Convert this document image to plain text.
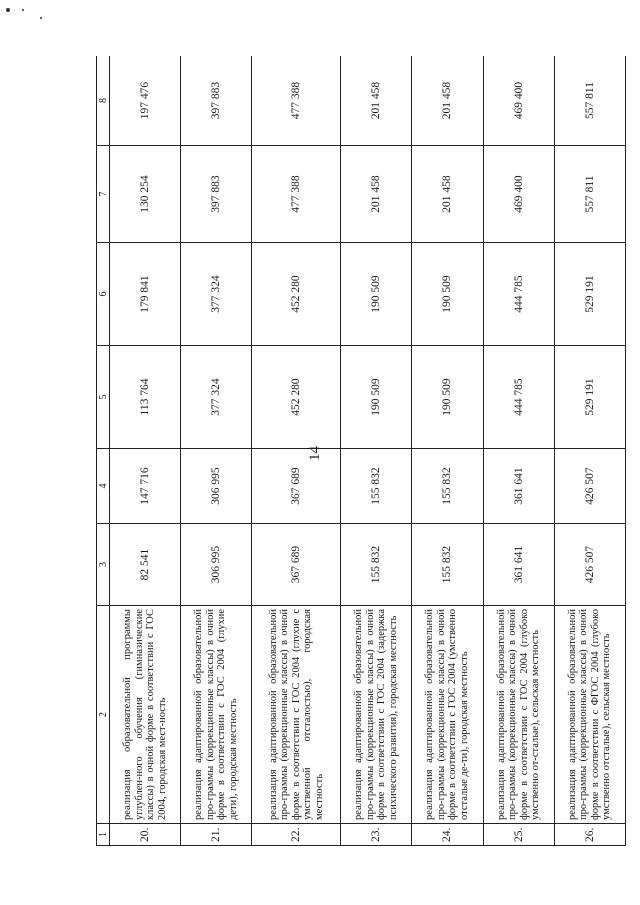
14
1	2	3	4	5	6	7	8
20.	реализация образовательной программы углублен-ного обучения (гимназические классы) в очной форме в соответствии с ГОС 2004, городская мест-ность	82 541	147 716	113 764	179 841	130 254	197 476
21.	реализация адаптированной образовательной про-граммы (коррекционные классы) в очной форме в соответствии с ГОС 2004 (глухие дети), городская местность	306 995	306 995	377 324	377 324	397 883	397 883
22.	реализация адаптированной образовательной про-граммы (коррекционные классы) в очной форме в соответствии с ГОС 2004 (глухие с умственной отсталостью), городская местность	367 689	367 689	452 280	452 280	477 388	477 388
23.	реализация адаптированной образовательной про-граммы (коррекционные классы) в очной форме в соответствии с ГОС 2004 (задержка психического развития), городская местность	155 832	155 832	190 509	190 509	201 458	201 458
24.	реализация адаптированной образовательной про-граммы (коррекционные классы) в очной форме в соответствии с ГОС 2004 (умственно отсталые де-ти), городская местность	155 832	155 832	190 509	190 509	201 458	201 458
25.	реализация адаптированной образовательной про-граммы (коррекционные классы) в очной форме в соответствии с ГОС 2004 (глубоко умственно от-сталые), сельская местность	361 641	361 641	444 785	444 785	469 400	469 400
26.	реализация адаптированной образовательной про-граммы (коррекционные классы) в очной форме в соответствии с ФГОС 2004 (глубоко умственно отсталые), сельская местность	426 507	426 507	529 191	529 191	557 811	557 811
